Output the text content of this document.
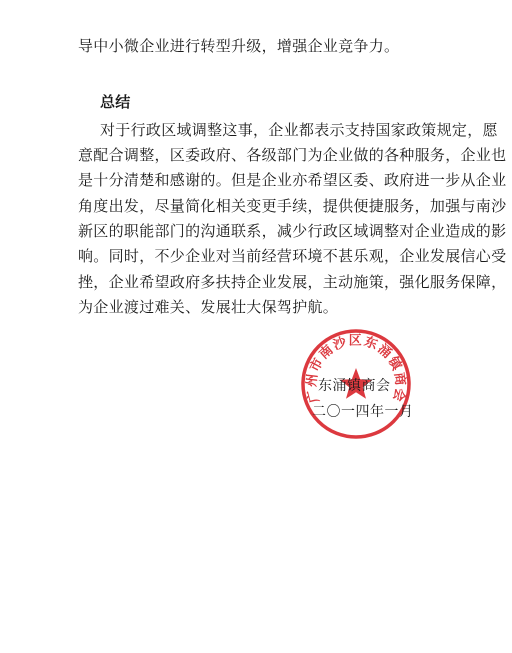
导中小微企业进行转型升级，增强企业竞争力。
总结
对于行政区域调整这事，企业都表示支持国家政策规定，愿
意配合调整，区委政府、各级部门为企业做的各种服务，企业也
是十分清楚和感谢的。但是企业亦希望区委、政府进一步从企业
角度出发，尽量简化相关变更手续，提供便捷服务，加强与南沙
新区的职能部门的沟通联系，减少行政区域调整对企业造成的影
响。同时，不少企业对当前经营环境不甚乐观，企业发展信心受
挫，企业希望政府多扶持企业发展，主动施策，强化服务保障，
为企业渡过难关、发展壮大保驾护航。
广州市南沙区东涌镇商会
东涌镇商会
二〇一四年一月
